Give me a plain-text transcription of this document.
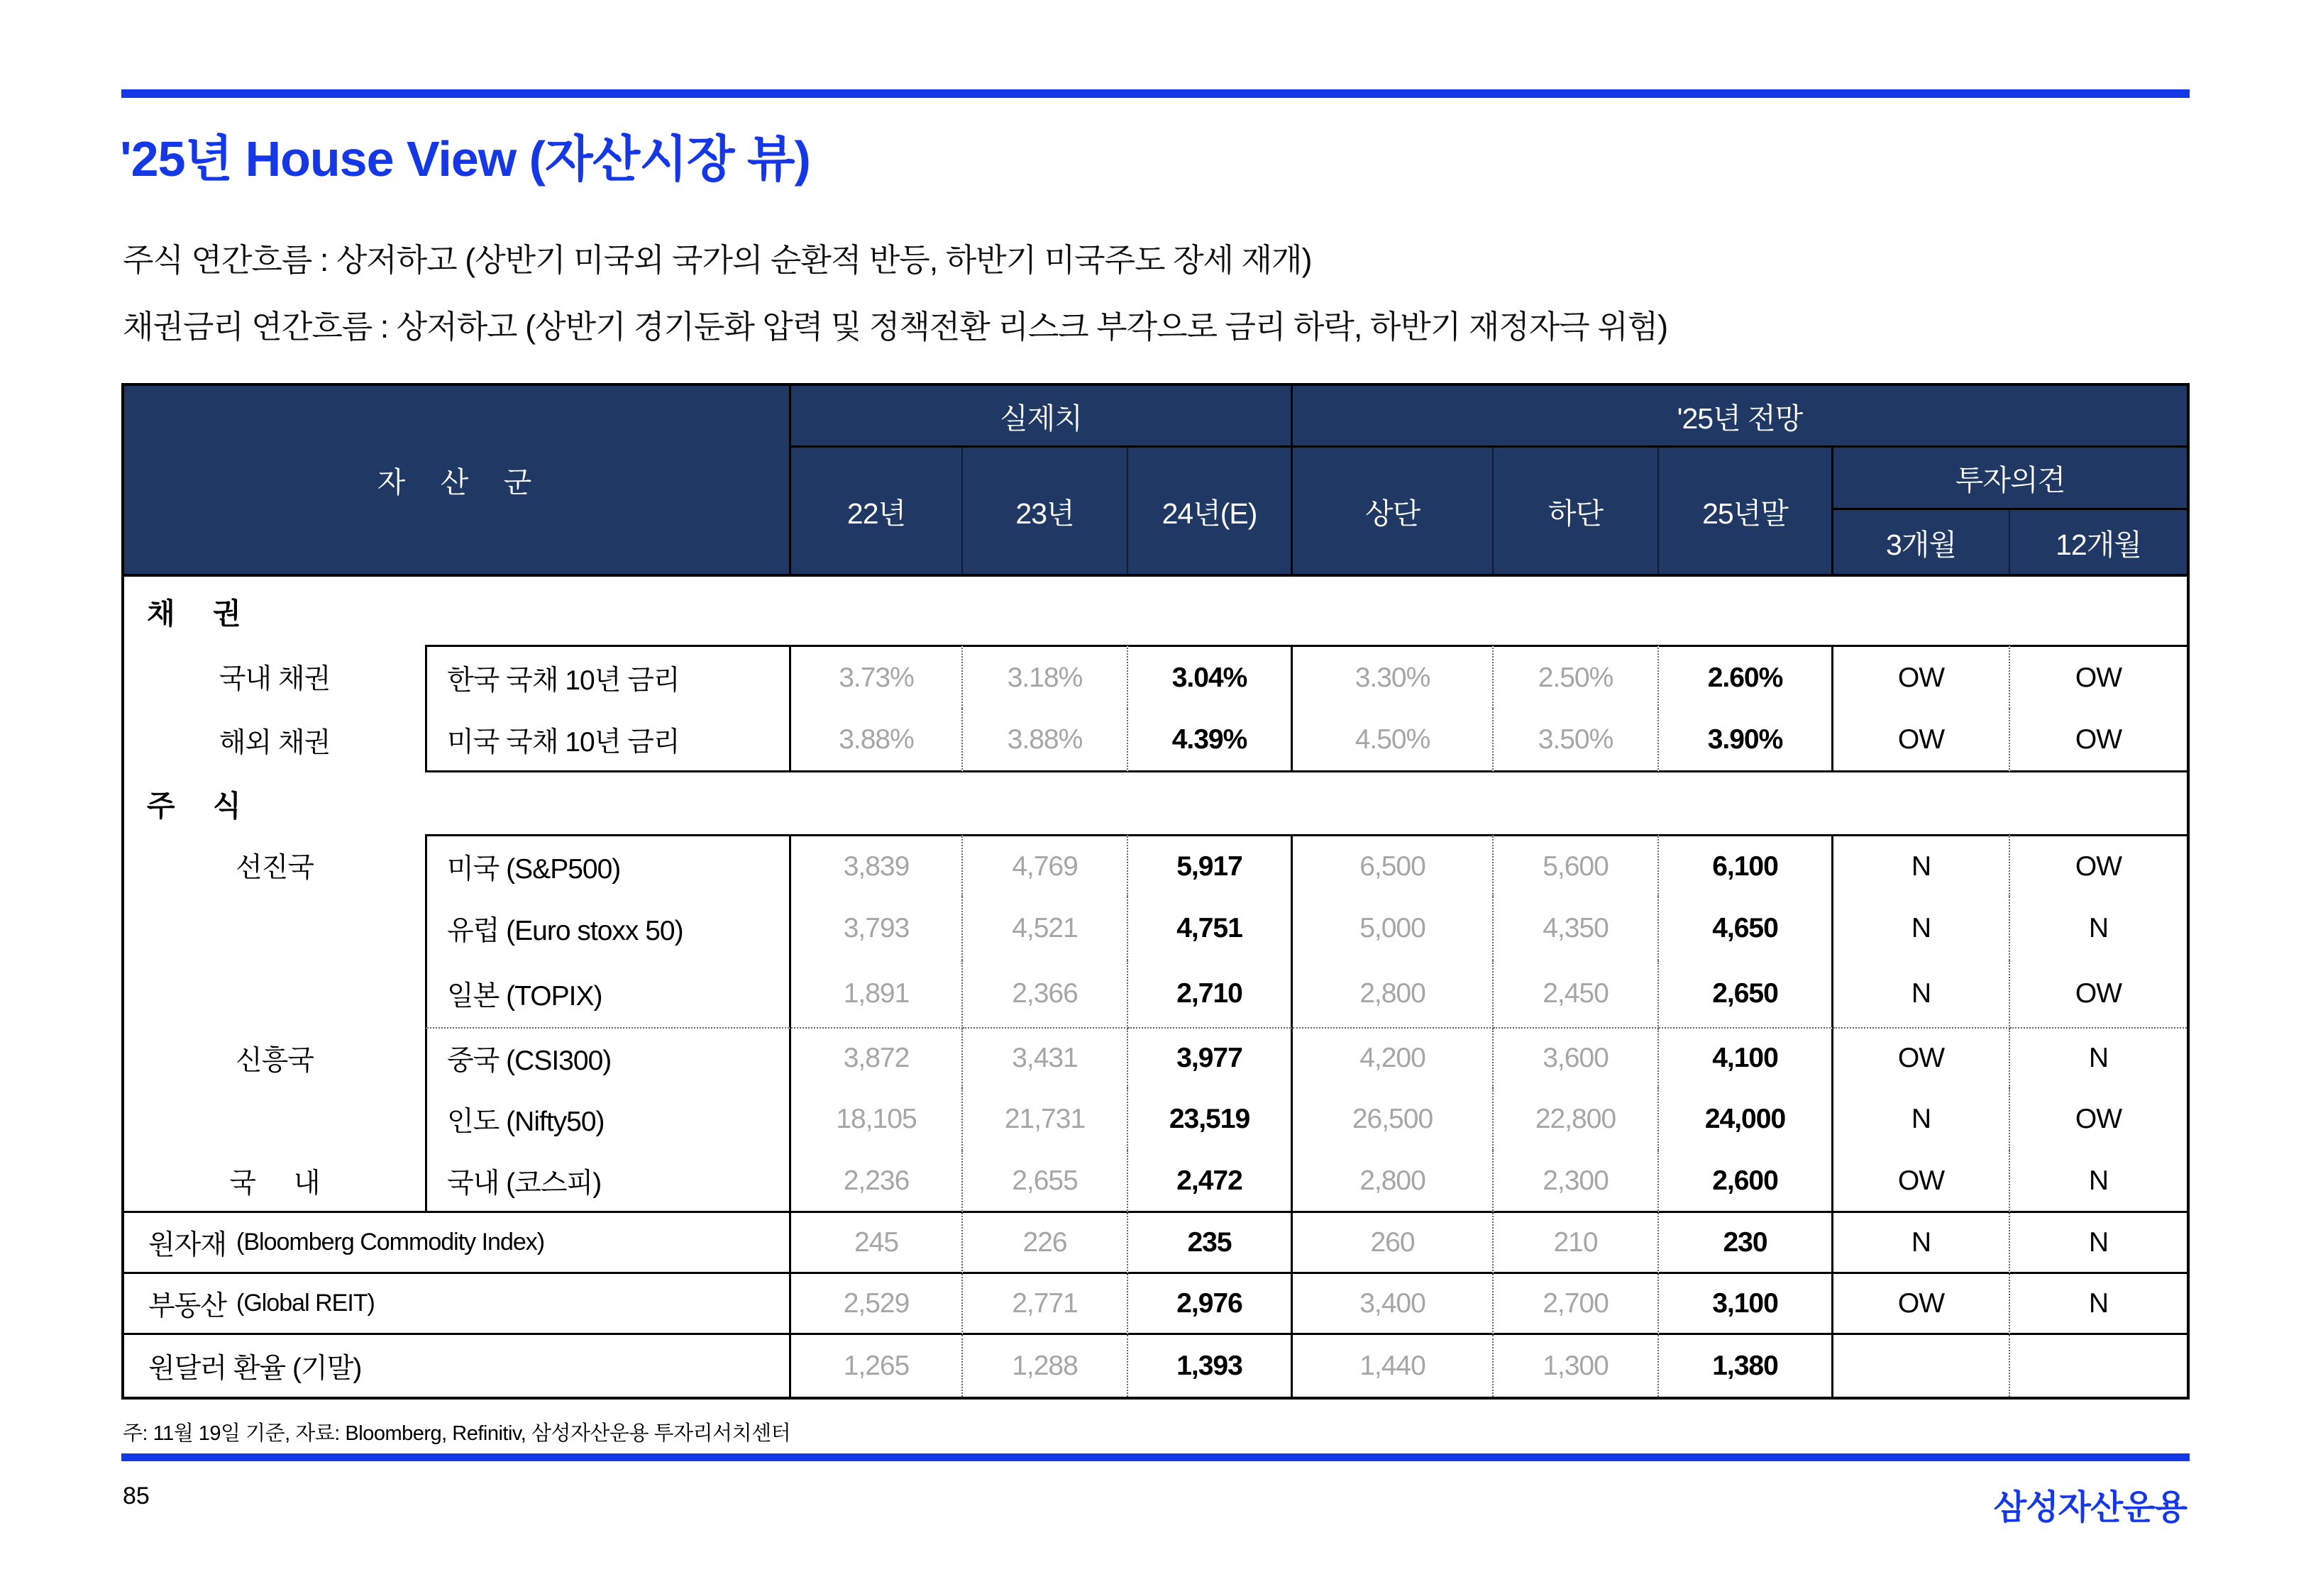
'25년 House View (자산시장 뷰)
주식 연간흐름 : 상저하고 (상반기 미국외 국가의 순환적 반등, 하반기 미국주도 장세 재개)
채권금리 연간흐름 : 상저하고 (상반기 경기둔화 압력 및 정책전환 리스크 부각으로 금리 하락, 하반기 재정자극 위험)
자 산 군
실제치	'25년 전망
22년	23년	24년(E)	상단	하단	25년말
투자의견
3개월	12개월
채 권
국내 채권	한국 국채 10년 금리	3.73%	3.18%	3.04%	3.30%	2.50%	2.60%	OW	OW
해외 채권	미국 국채 10년 금리	3.88%	3.88%	4.39%	4.50%	3.50%	3.90%	OW	OW
주 식
선진국	미국 (S&P500)	3,839	4,769	5,917	6,500	5,600	6,100	N	OW
유럽 (Euro stoxx 50)	3,793	4,521	4,751	5,000	4,350	4,650	N	N
일본 (TOPIX)	1,891	2,366	2,710	2,800	2,450	2,650	N	OW
신흥국	중국 (CSI300)	3,872	3,431	3,977	4,200	3,600	4,100	OW	N
인도 (Nifty50)	18,105	21,731	23,519	26,500	22,800	24,000	N	OW
국 내	국내 (코스피)	2,236	2,655	2,472	2,800	2,300	2,600	OW	N
원자재 (Bloomberg Commodity Index)	245	226	235	260	210	230	N	N
부동산 (Global REIT)	2,529	2,771	2,976	3,400	2,700	3,100	OW	N
원달러 환율 (기말)	1,265	1,288	1,393	1,440	1,300	1,380
주: 11월 19일 기준, 자료: Bloomberg, Refinitiv, 삼성자산운용 투자리서치센터
85	삼성자산운용
